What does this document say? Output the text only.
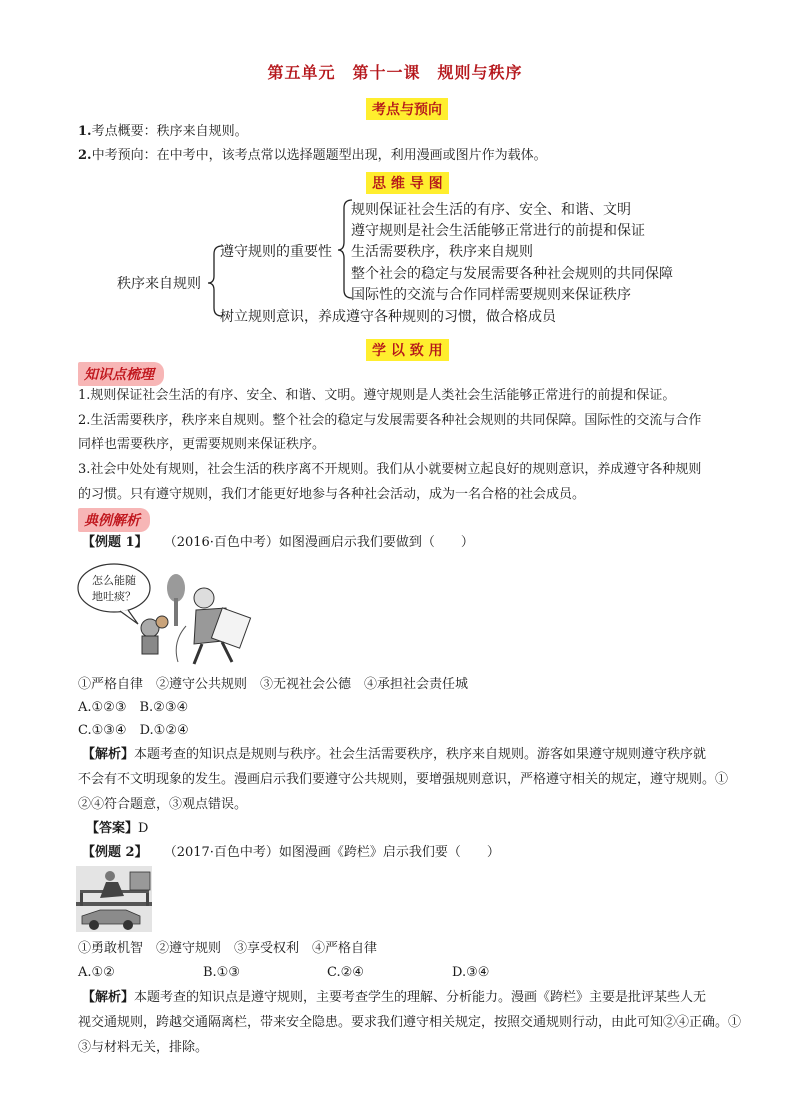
第五单元　第十一课　规则与秩序
考点与预向
1.考点概要：秩序来自规则。
2.中考预向：在中考中，该考点常以选择题题型出现，利用漫画或图片作为载体。
思 维 导 图
秩序来自规则
遵守规则的重要性
规则保证社会生活的有序、安全、和谐、文明
遵守规则是社会生活能够正常进行的前提和保证
生活需要秩序，秩序来自规则
整个社会的稳定与发展需要各种社会规则的共同保障
国际性的交流与合作同样需要规则来保证秩序
树立规则意识，养成遵守各种规则的习惯，做合格成员
学 以 致 用
知识点梳理
1.规则保证社会生活的有序、安全、和谐、文明。遵守规则是人类社会生活能够正常进行的前提和保证。
2.生活需要秩序，秩序来自规则。整个社会的稳定与发展需要各种社会规则的共同保障。国际性的交流与合作
同样也需要秩序，更需要规则来保证秩序。
3.社会中处处有规则，社会生活的秩序离不开规则。我们从小就要树立起良好的规则意识，养成遵守各种规则
的习惯。只有遵守规则，我们才能更好地参与各种社会活动，成为一名合格的社会成员。
典例解析
【例题 1】 （2016·百色中考）如图漫画启示我们要做到（　　）
怎么能随
地吐痰？
①严格自律　②遵守公共规则　③无视社会公德　④承担社会责任城
A.①②③　B.②③④
C.①③④　D.①②④
【解析】本题考查的知识点是规则与秩序。社会生活需要秩序，秩序来自规则。游客如果遵守规则遵守秩序就
不会有不文明现象的发生。漫画启示我们要遵守公共规则，要增强规则意识，严格遵守相关的规定，遵守规则。①
②④符合题意，③观点错误。
【答案】D
【例题 2】 （2017·百色中考）如图漫画《跨栏》启示我们要（　　）
①勇敢机智　②遵守规则　③享受权利　④严格自律
A.①②	B.①③	C.②④	D.③④
【解析】本题考查的知识点是遵守规则，主要考查学生的理解、分析能力。漫画《跨栏》主要是批评某些人无
视交通规则，跨越交通隔离栏，带来安全隐患。要求我们遵守相关规定，按照交通规则行动，由此可知②④正确。①
③与材料无关，排除。
